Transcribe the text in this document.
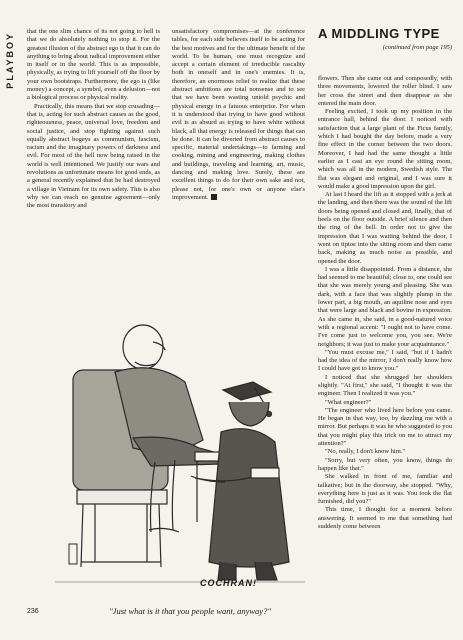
PLAYBOY

that the one slim chance of its not going to hell is that we do absolutely nothing to stop it. For the greatest illusion of the abstract ego is that it can do anything to bring about radical improvement either in itself or in the world. This is as impossible, physically, as trying to lift yourself off the floor by your own bootstraps. Furthermore, the ego is (like money) a concept, a symbol, even a delusion—not a biological process or physical reality.

Practically, this means that we stop crusading—that is, acting for such abstract causes as the good, righteousness, peace, universal love, freedom and social justice, and stop fighting against such equally abstract bogeys as communism, fascism, racism and the imaginary powers of darkness and evil. For most of the hell now being raised in the world is well intentioned. We justify our wars and revolutions as unfortunate means for good ends, as a general recently explained that he had destroyed a village in Vietnam for its own safety. This is also why we can reach no genuine agreement—only the most transitory and

unsatisfactory compromises—at the conference tables, for each side believes itself to be acting for the best motives and for the ultimate benefit of the world. To be human, one must recognize and accept a certain element of irreducible rascality both in oneself and in one's enemies. It is, therefore, an enormous relief to realize that these abstract ambitions are total nonsense and to see that we have been wasting untold psychic and physical energy in a fatuous enterprise. For when it is understood that trying to have good without evil is as absurd as trying to have white without black, all that energy is released for things that can be done. It can be diverted from abstract causes to specific, material undertakings—to farming and cooking, mining and engineering, making clothes and buildings, traveling and learning, art, music, dancing and making love. Surely, these are excellent things to do for their own sake and not, please not, for one's own or anyone else's improvement.

A MIDDLING TYPE
(continued from page 195)

flowers. Then she came out and composedly, with three movements, lowered the roller blind. I saw her cross the street and then disappear as she entered the main door.

Feeling excited, I took up my position in the entrance hall, behind the door. I noticed with satisfaction that a large plant of the Ficus family, which I had bought the day before, made a very fine effect in the corner between the two doors. Moreover, I had had the same thought a little earlier as I cast an eye round the sitting room, which was all in the modern, Swedish style. The flat was elegant and original, and I was sure it would make a good impression upon the girl.

At last I heard the lift as it stopped with a jerk at the landing, and then there was the sound of the lift doors being opened and closed and, finally, that of heels on the floor outside. A brief silence and then the ring of the bell. In order not to give the impression that I was waiting behind the door, I went on tiptoe into the sitting room and then came back, making as much noise as possible, and opened the door.

I was a little disappointed. From a distance, she had seemed to me beautiful; close to, one could see that she was merely young and pleasing. She was dark, with a face that was slightly plump in the lower part, a big mouth, an aquiline nose and eyes that were large and black and bovine in expression. As she came in, she said, in a good-natured voice with a regional accent: "I ought not to have come. I've come just to welcome you, you see. We're neighbors; it was just to make your acquaintance."

"You must excuse me," I said, "but if I hadn't had the idea of the mirror, I don't really know how I could have got to know you."

I noticed that she shrugged her shoulders slightly. "At first," she said, "I thought it was the engineer. Then I realized it was you."

"What engineer?"

"The engineer who lived here before you came. He began in that way, too, by dazzling me with a mirror. But perhaps it was he who suggested to you that you might play this trick on me to attract my attention?"

"No, really, I don't know him."

"Sorry, but very often, you know, things do happen like that."

She walked in front of me, familiar and talkative; but in the doorway, she stopped. "Why, everything here is just as it was. You took the flat furnished, did you?"

This time, I thought for a moment before answering. It seemed to me that something had suddenly come between

COCHRAN!
236	"Just what is it that you people want, anyway?"
